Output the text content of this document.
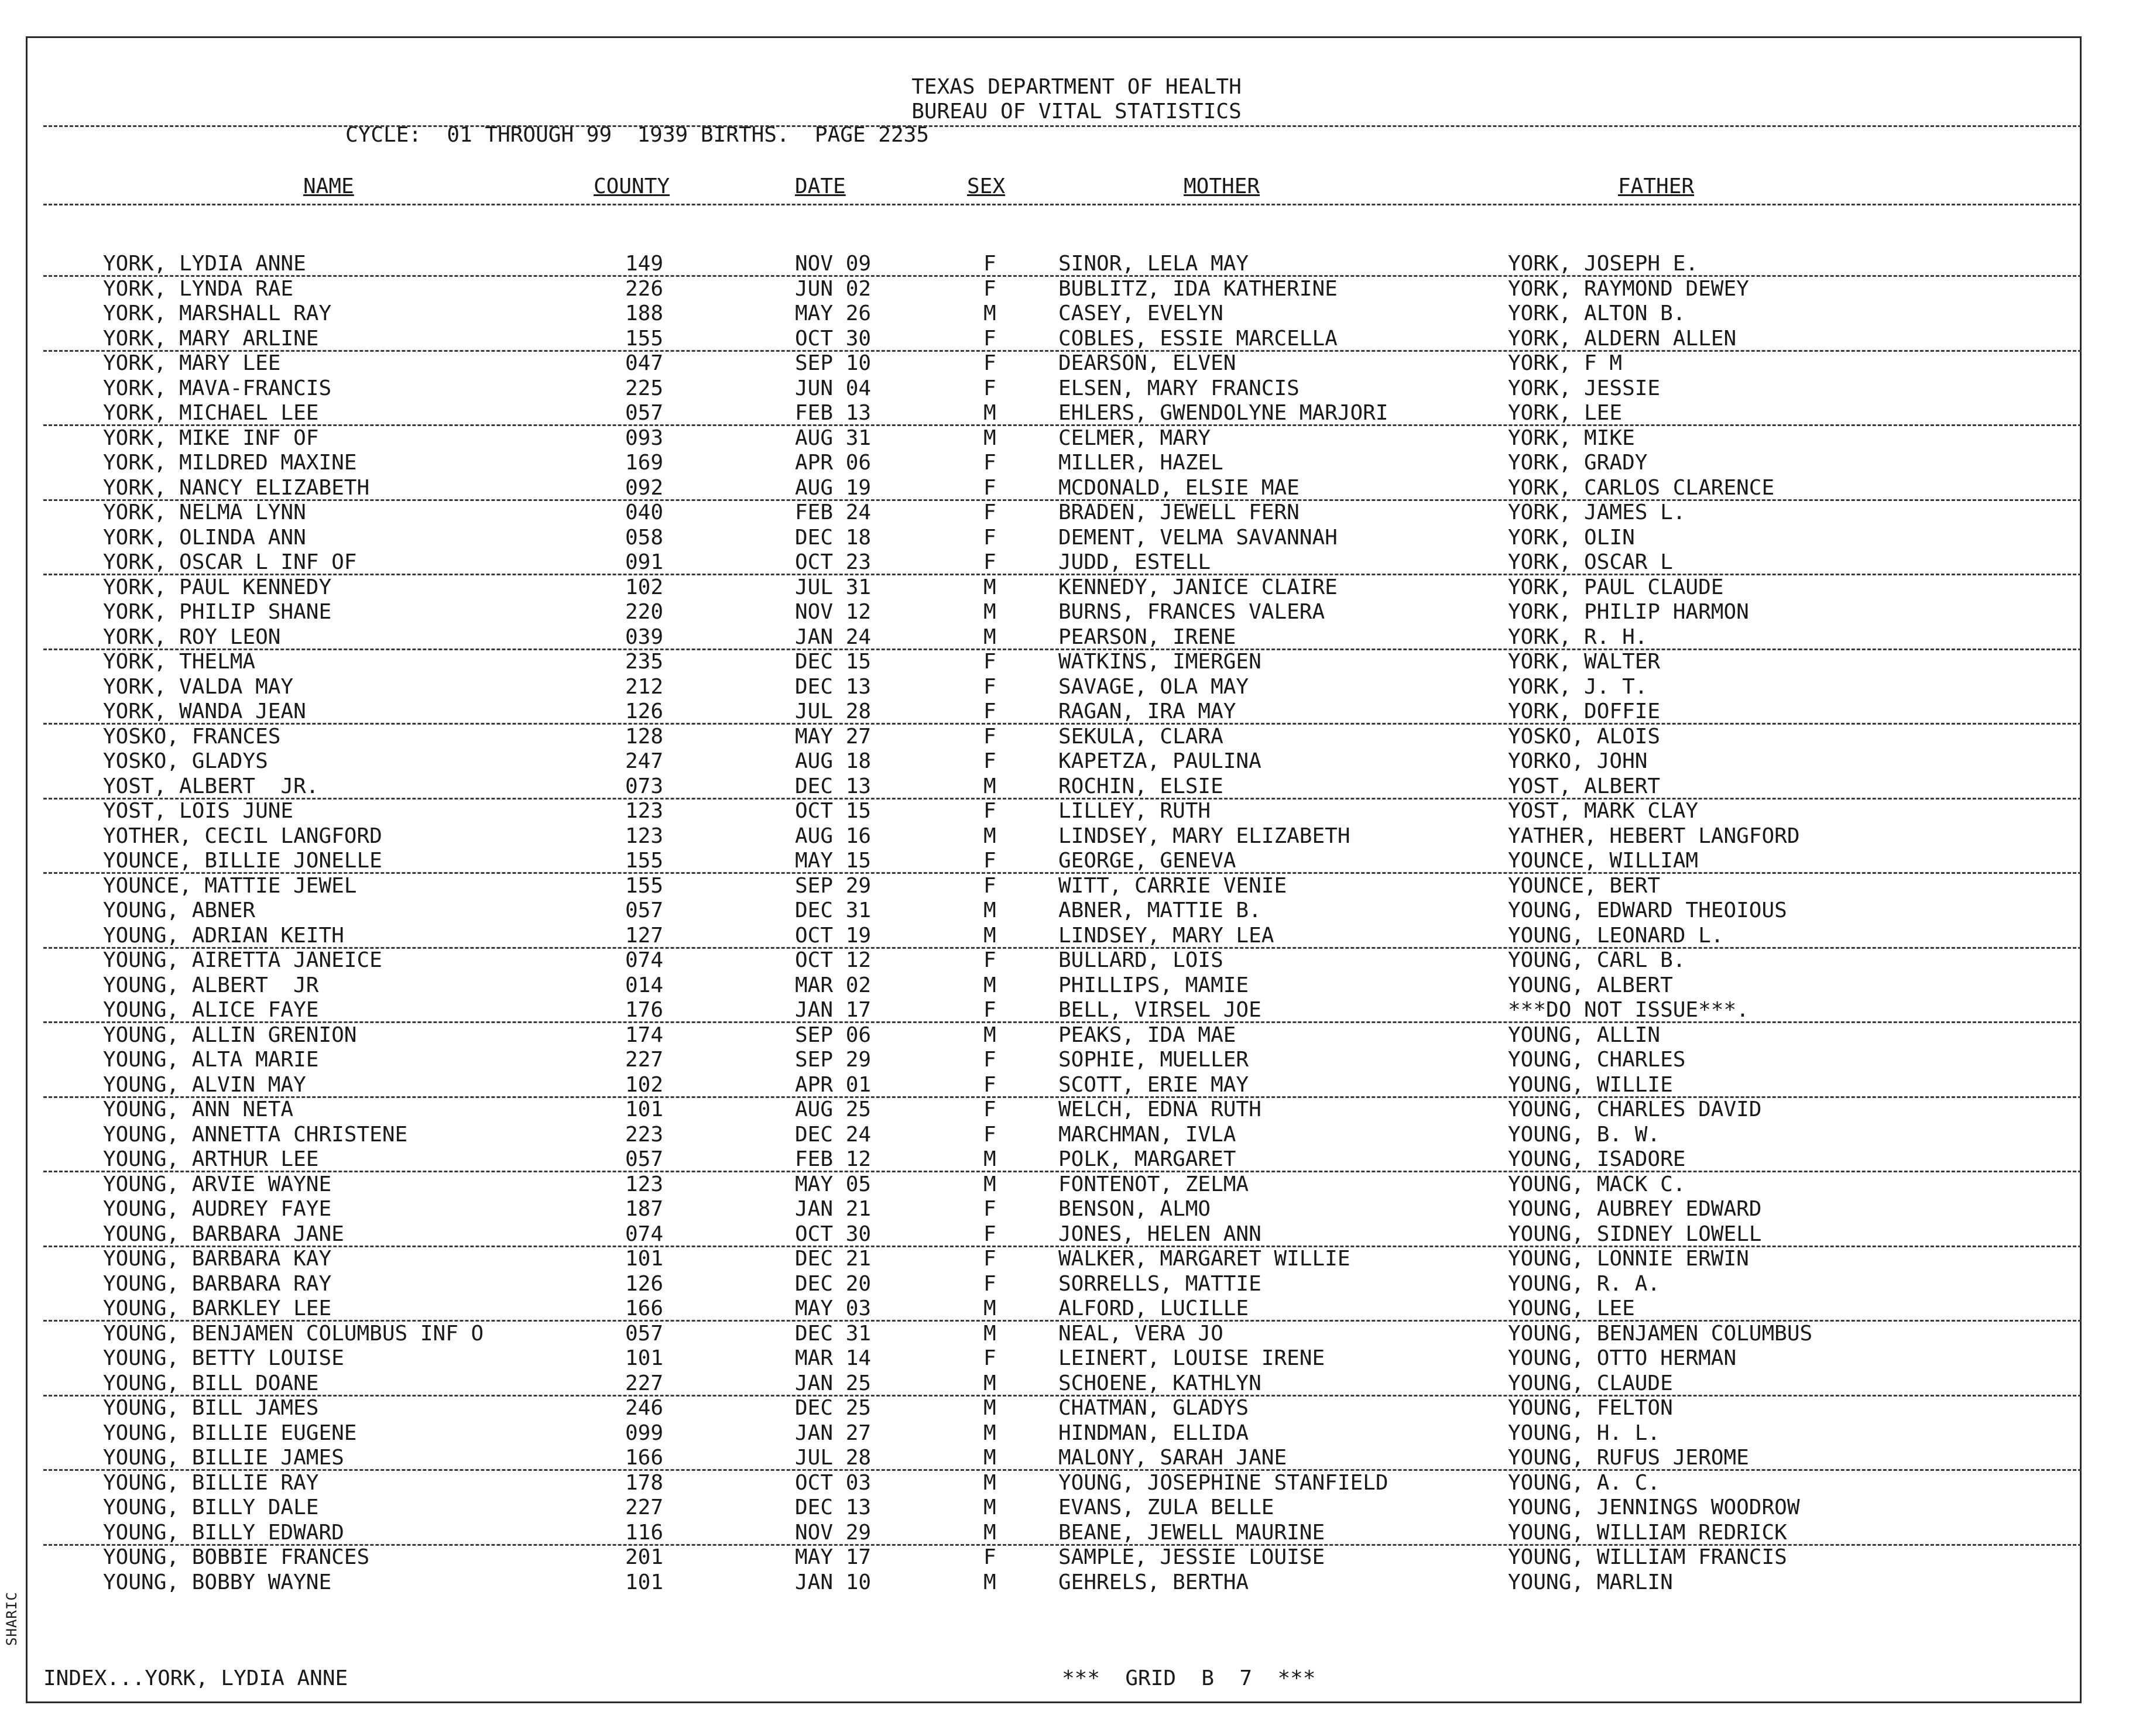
SHARIC
TEXAS DEPARTMENT OF HEALTH
BUREAU OF VITAL STATISTICS
CYCLE:  01 THROUGH 99  1939 BIRTHS.  PAGE 2235
NAME	COUNTY	DATE	SEX	MOTHER	FATHER
YORK, LYDIA ANNE	149	NOV 09	F	SINOR, LELA MAY	YORK, JOSEPH E.
YORK, LYNDA RAE	226	JUN 02	F	BUBLITZ, IDA KATHERINE	YORK, RAYMOND DEWEY
YORK, MARSHALL RAY	188	MAY 26	M	CASEY, EVELYN	YORK, ALTON B.
YORK, MARY ARLINE	155	OCT 30	F	COBLES, ESSIE MARCELLA	YORK, ALDERN ALLEN
YORK, MARY LEE	047	SEP 10	F	DEARSON, ELVEN	YORK, F M
YORK, MAVA-FRANCIS	225	JUN 04	F	ELSEN, MARY FRANCIS	YORK, JESSIE
YORK, MICHAEL LEE	057	FEB 13	M	EHLERS, GWENDOLYNE MARJORI	YORK, LEE
YORK, MIKE INF OF	093	AUG 31	M	CELMER, MARY	YORK, MIKE
YORK, MILDRED MAXINE	169	APR 06	F	MILLER, HAZEL	YORK, GRADY
YORK, NANCY ELIZABETH	092	AUG 19	F	MCDONALD, ELSIE MAE	YORK, CARLOS CLARENCE
YORK, NELMA LYNN	040	FEB 24	F	BRADEN, JEWELL FERN	YORK, JAMES L.
YORK, OLINDA ANN	058	DEC 18	F	DEMENT, VELMA SAVANNAH	YORK, OLIN
YORK, OSCAR L INF OF	091	OCT 23	F	JUDD, ESTELL	YORK, OSCAR L
YORK, PAUL KENNEDY	102	JUL 31	M	KENNEDY, JANICE CLAIRE	YORK, PAUL CLAUDE
YORK, PHILIP SHANE	220	NOV 12	M	BURNS, FRANCES VALERA	YORK, PHILIP HARMON
YORK, ROY LEON	039	JAN 24	M	PEARSON, IRENE	YORK, R. H.
YORK, THELMA	235	DEC 15	F	WATKINS, IMERGEN	YORK, WALTER
YORK, VALDA MAY	212	DEC 13	F	SAVAGE, OLA MAY	YORK, J. T.
YORK, WANDA JEAN	126	JUL 28	F	RAGAN, IRA MAY	YORK, DOFFIE
YOSKO, FRANCES	128	MAY 27	F	SEKULA, CLARA	YOSKO, ALOIS
YOSKO, GLADYS	247	AUG 18	F	KAPETZA, PAULINA	YORKO, JOHN
YOST, ALBERT  JR.	073	DEC 13	M	ROCHIN, ELSIE	YOST, ALBERT
YOST, LOIS JUNE	123	OCT 15	F	LILLEY, RUTH	YOST, MARK CLAY
YOTHER, CECIL LANGFORD	123	AUG 16	M	LINDSEY, MARY ELIZABETH	YATHER, HEBERT LANGFORD
YOUNCE, BILLIE JONELLE	155	MAY 15	F	GEORGE, GENEVA	YOUNCE, WILLIAM
YOUNCE, MATTIE JEWEL	155	SEP 29	F	WITT, CARRIE VENIE	YOUNCE, BERT
YOUNG, ABNER	057	DEC 31	M	ABNER, MATTIE B.	YOUNG, EDWARD THEOIOUS
YOUNG, ADRIAN KEITH	127	OCT 19	M	LINDSEY, MARY LEA	YOUNG, LEONARD L.
YOUNG, AIRETTA JANEICE	074	OCT 12	F	BULLARD, LOIS	YOUNG, CARL B.
YOUNG, ALBERT  JR	014	MAR 02	M	PHILLIPS, MAMIE	YOUNG, ALBERT
YOUNG, ALICE FAYE	176	JAN 17	F	BELL, VIRSEL JOE	***DO NOT ISSUE***.
YOUNG, ALLIN GRENION	174	SEP 06	M	PEAKS, IDA MAE	YOUNG, ALLIN
YOUNG, ALTA MARIE	227	SEP 29	F	SOPHIE, MUELLER	YOUNG, CHARLES
YOUNG, ALVIN MAY	102	APR 01	F	SCOTT, ERIE MAY	YOUNG, WILLIE
YOUNG, ANN NETA	101	AUG 25	F	WELCH, EDNA RUTH	YOUNG, CHARLES DAVID
YOUNG, ANNETTA CHRISTENE	223	DEC 24	F	MARCHMAN, IVLA	YOUNG, B. W.
YOUNG, ARTHUR LEE	057	FEB 12	M	POLK, MARGARET	YOUNG, ISADORE
YOUNG, ARVIE WAYNE	123	MAY 05	M	FONTENOT, ZELMA	YOUNG, MACK C.
YOUNG, AUDREY FAYE	187	JAN 21	F	BENSON, ALMO	YOUNG, AUBREY EDWARD
YOUNG, BARBARA JANE	074	OCT 30	F	JONES, HELEN ANN	YOUNG, SIDNEY LOWELL
YOUNG, BARBARA KAY	101	DEC 21	F	WALKER, MARGARET WILLIE	YOUNG, LONNIE ERWIN
YOUNG, BARBARA RAY	126	DEC 20	F	SORRELLS, MATTIE	YOUNG, R. A.
YOUNG, BARKLEY LEE	166	MAY 03	M	ALFORD, LUCILLE	YOUNG, LEE
YOUNG, BENJAMEN COLUMBUS INF O	057	DEC 31	M	NEAL, VERA JO	YOUNG, BENJAMEN COLUMBUS
YOUNG, BETTY LOUISE	101	MAR 14	F	LEINERT, LOUISE IRENE	YOUNG, OTTO HERMAN
YOUNG, BILL DOANE	227	JAN 25	M	SCHOENE, KATHLYN	YOUNG, CLAUDE
YOUNG, BILL JAMES	246	DEC 25	M	CHATMAN, GLADYS	YOUNG, FELTON
YOUNG, BILLIE EUGENE	099	JAN 27	M	HINDMAN, ELLIDA	YOUNG, H. L.
YOUNG, BILLIE JAMES	166	JUL 28	M	MALONY, SARAH JANE	YOUNG, RUFUS JEROME
YOUNG, BILLIE RAY	178	OCT 03	M	YOUNG, JOSEPHINE STANFIELD	YOUNG, A. C.
YOUNG, BILLY DALE	227	DEC 13	M	EVANS, ZULA BELLE	YOUNG, JENNINGS WOODROW
YOUNG, BILLY EDWARD	116	NOV 29	M	BEANE, JEWELL MAURINE	YOUNG, WILLIAM REDRICK
YOUNG, BOBBIE FRANCES	201	MAY 17	F	SAMPLE, JESSIE LOUISE	YOUNG, WILLIAM FRANCIS
YOUNG, BOBBY WAYNE	101	JAN 10	M	GEHRELS, BERTHA	YOUNG, MARLIN
INDEX...YORK, LYDIA ANNE	***  GRID  B  7  ***
